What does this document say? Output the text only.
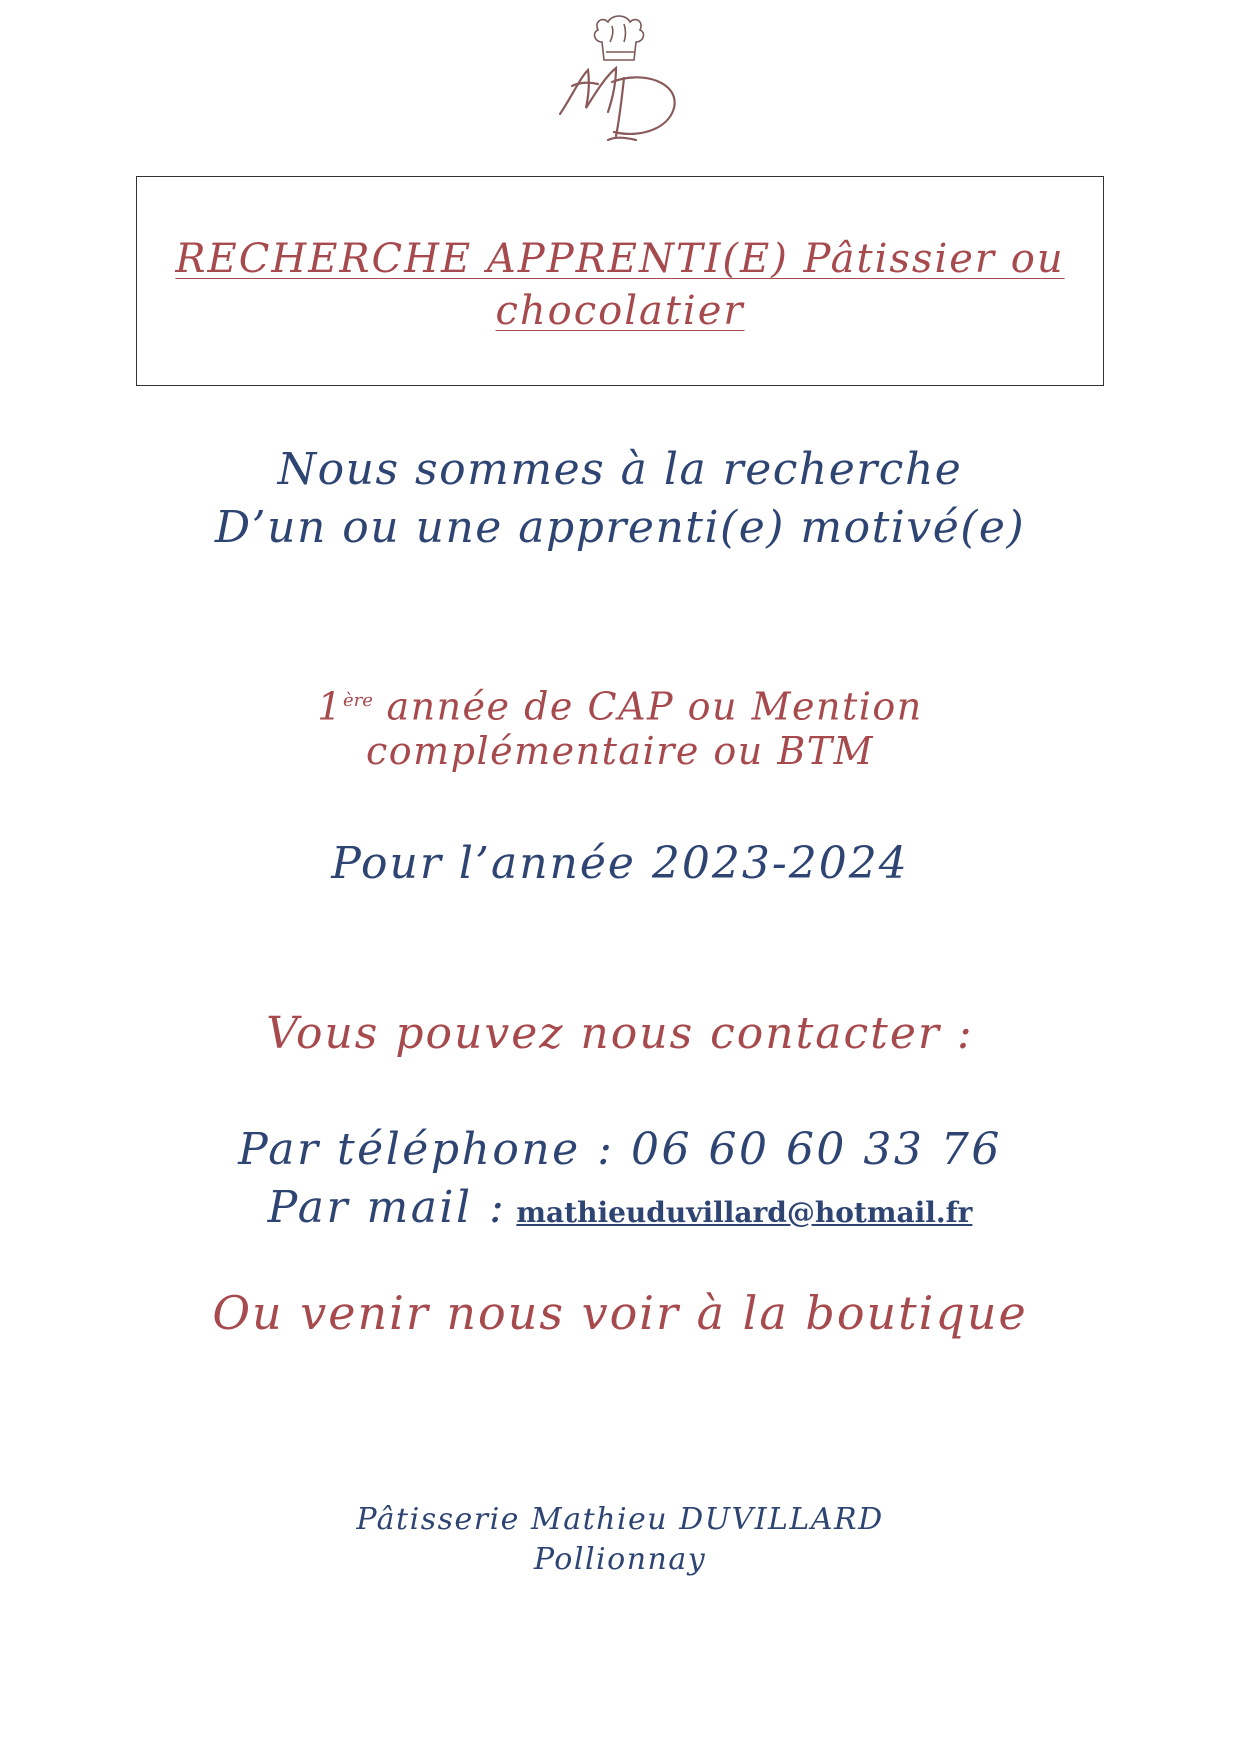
RECHERCHE APPRENTI(E) Pâtissier ou
chocolatier

Nous sommes à la recherche

D’un ou une apprenti(e) motivé(e)

1ère année de CAP ou Mention

complémentaire ou BTM

Pour l’année 2023-2024

Vous pouvez nous contacter :

Par téléphone : 06 60 60 33 76

Par mail : mathieuduvillard@hotmail.fr

Ou venir nous voir à la boutique

Pâtisserie Mathieu DUVILLARD

Pollionnay
